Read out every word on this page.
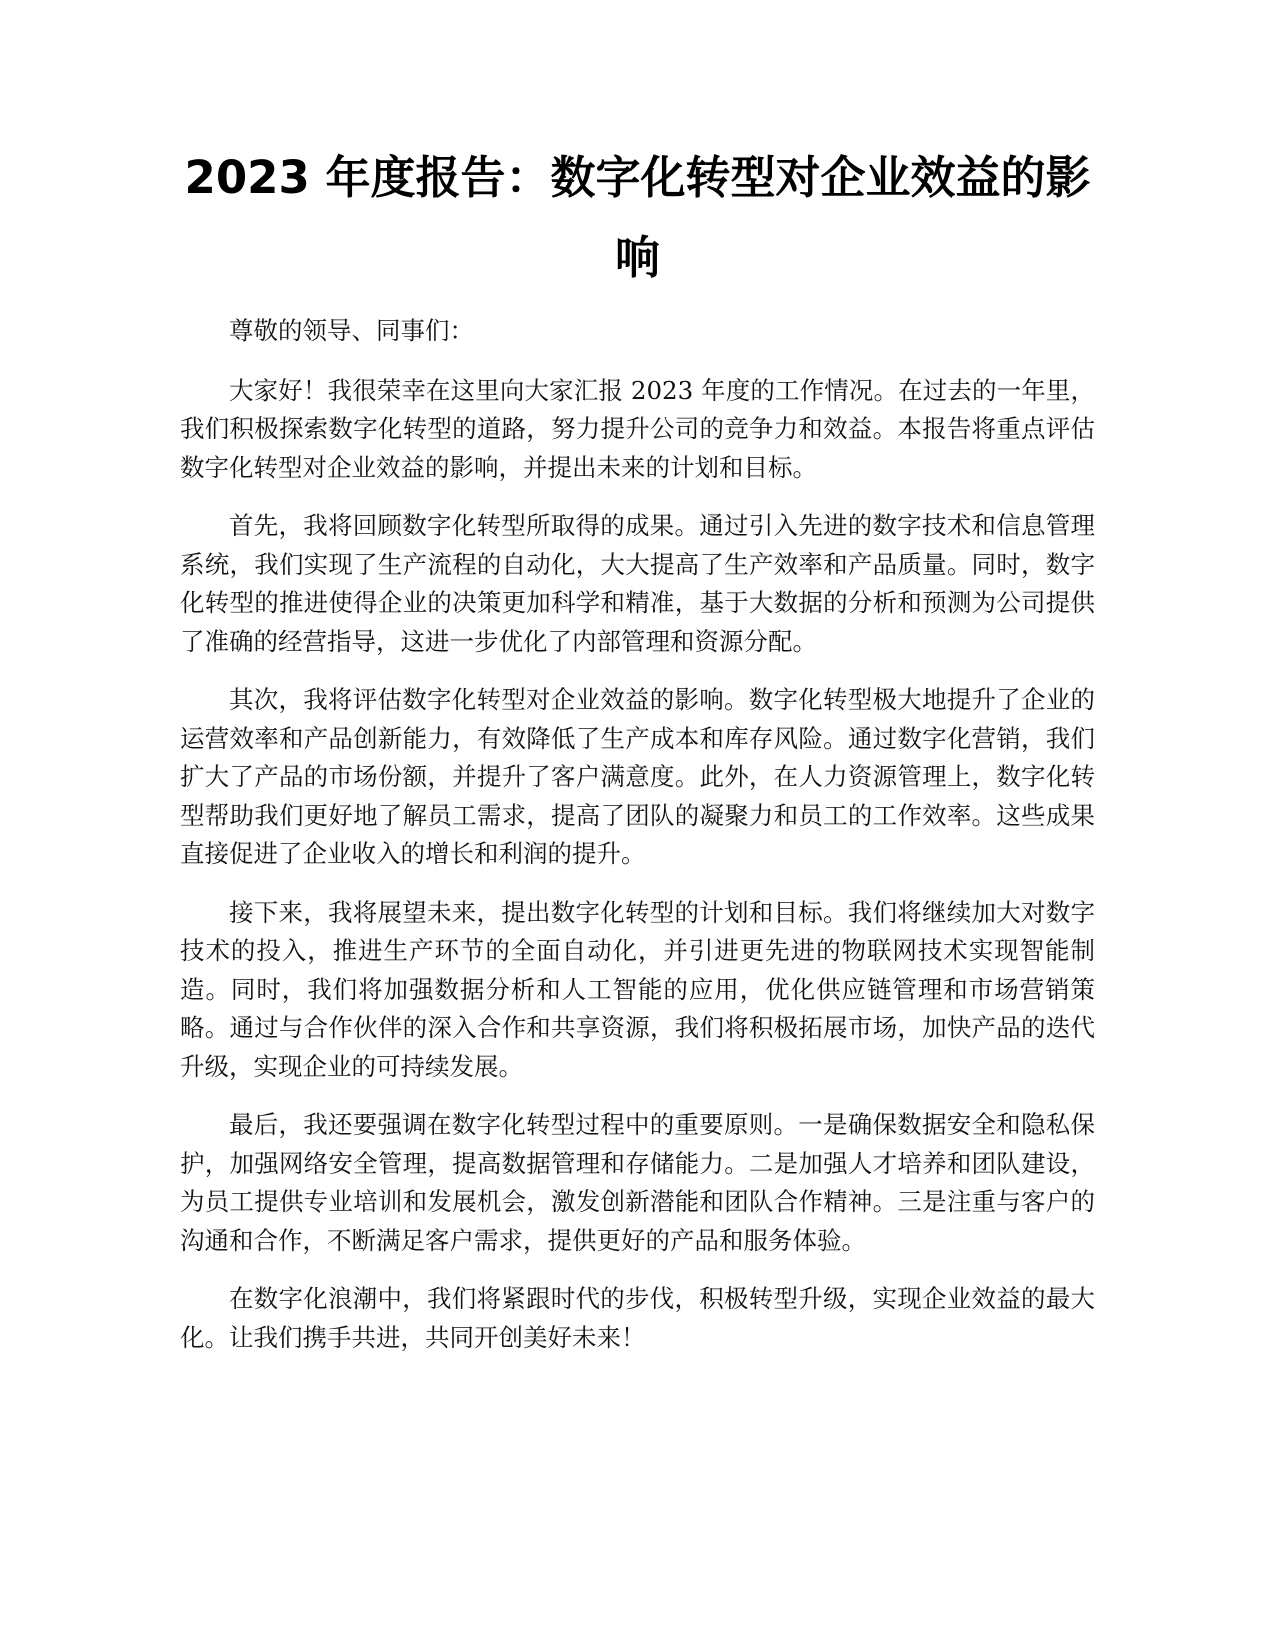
2023 年度报告：数字化转型对企业效益的影响

尊敬的领导、同事们：

大家好！我很荣幸在这里向大家汇报 2023 年度的工作情况。在过去的一年里，我们积极探索数字化转型的道路，努力提升公司的竞争力和效益。本报告将重点评估数字化转型对企业效益的影响，并提出未来的计划和目标。

首先，我将回顾数字化转型所取得的成果。通过引入先进的数字技术和信息管理系统，我们实现了生产流程的自动化，大大提高了生产效率和产品质量。同时，数字化转型的推进使得企业的决策更加科学和精准，基于大数据的分析和预测为公司提供了准确的经营指导，这进一步优化了内部管理和资源分配。

其次，我将评估数字化转型对企业效益的影响。数字化转型极大地提升了企业的运营效率和产品创新能力，有效降低了生产成本和库存风险。通过数字化营销，我们扩大了产品的市场份额，并提升了客户满意度。此外，在人力资源管理上，数字化转型帮助我们更好地了解员工需求，提高了团队的凝聚力和员工的工作效率。这些成果直接促进了企业收入的增长和利润的提升。

接下来，我将展望未来，提出数字化转型的计划和目标。我们将继续加大对数字技术的投入，推进生产环节的全面自动化，并引进更先进的物联网技术实现智能制造。同时，我们将加强数据分析和人工智能的应用，优化供应链管理和市场营销策略。通过与合作伙伴的深入合作和共享资源，我们将积极拓展市场，加快产品的迭代升级，实现企业的可持续发展。

最后，我还要强调在数字化转型过程中的重要原则。一是确保数据安全和隐私保护，加强网络安全管理，提高数据管理和存储能力。二是加强人才培养和团队建设，为员工提供专业培训和发展机会，激发创新潜能和团队合作精神。三是注重与客户的沟通和合作，不断满足客户需求，提供更好的产品和服务体验。

在数字化浪潮中，我们将紧跟时代的步伐，积极转型升级，实现企业效益的最大化。让我们携手共进，共同开创美好未来！
